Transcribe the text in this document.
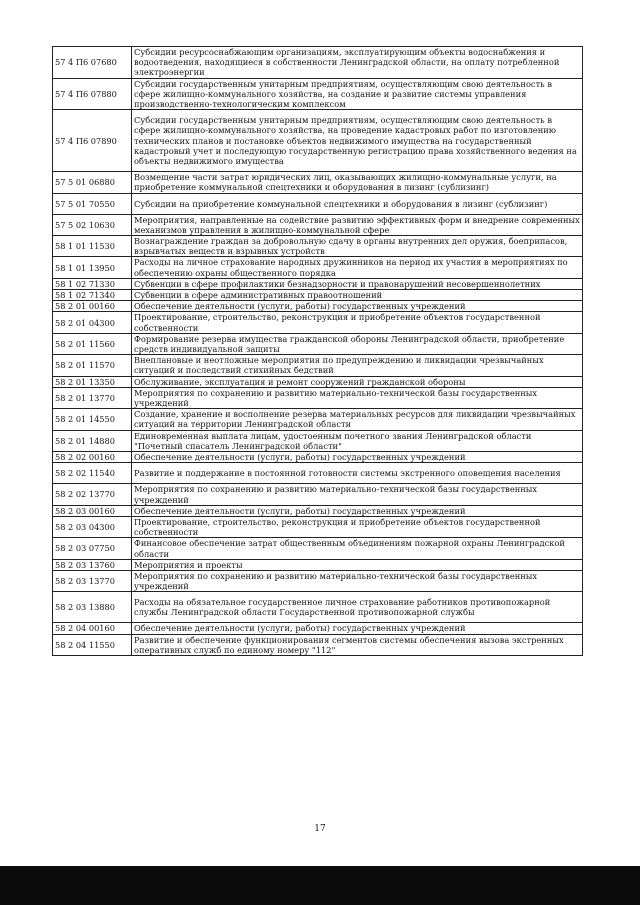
57 4 П6 07680	Субсидии ресурсоснабжающим организациям, эксплуатирующим объекты водоснабжения и водоотведения, находящиеся в собственности Ленинградской области, на оплату потребленной электроэнергии
57 4 П6 07880	Субсидии государственным унитарным предприятиям, осуществляющим свою деятельность в сфере жилищно-коммунального хозяйства, на создание и развитие системы управления производственно-технологическим комплексом
57 4 П6 07890	Субсидии государственным унитарным предприятиям, осуществляющим свою деятельность в сфере жилищно-коммунального хозяйства, на проведение кадастровых работ по изготовлению технических планов и постановке объектов недвижимого имущества на государственный кадастровый учет и последующую государственную регистрацию права хозяйственного ведения на объекты недвижимого имущества
57 5 01 06880	Возмещение части затрат юридических лиц, оказывающих жилищно-коммунальные услуги, на приобретение коммунальной спецтехники и оборудования в лизинг (сублизинг)
57 5 01 70550	Субсидии на приобретение коммунальной спецтехники и оборудования в лизинг (сублизинг)
57 5 02 10630	Мероприятия, направленные на содействие развитию эффективных форм и внедрение современных механизмов управления в жилищно-коммунальной сфере
58 1 01 11530	Вознаграждение граждан за добровольную сдачу в органы внутренних дел оружия, боеприпасов, взрывчатых веществ и взрывных устройств
58 1 01 13950	Расходы на личное страхование народных дружинников на период их участия в мероприятиях по обеспечению охраны общественного порядка
58 1 02 71330	Субвенции в сфере профилактики безнадзорности и правонарушений несовершеннолетних
58 1 02 71340	Субвенции в сфере административных правоотношений
58 2 01 00160	Обеспечение деятельности (услуги, работы) государственных учреждений
58 2 01 04300	Проектирование, строительство, реконструкция и приобретение объектов государственной собственности
58 2 01 11560	Формирование резерва имущества гражданской обороны Ленинградской области, приобретение средств индивидуальной защиты
58 2 01 11570	Внеплановые и неотложные мероприятия по предупреждению и ликвидации чрезвычайных ситуаций и последствий стихийных бедствий
58 2 01 13350	Обслуживание, эксплуатация и ремонт сооружений гражданской обороны
58 2 01 13770	Мероприятия по сохранению и развитию материально-технической базы государственных учреждений
58 2 01 14550	Создание, хранение и восполнение резерва материальных ресурсов для ликвидации чрезвычайных ситуаций на территории Ленинградской области
58 2 01 14880	Единовременная выплата лицам, удостоенным почетного звания Ленинградской области "Почетный спасатель Ленинградской области"
58 2 02 00160	Обеспечение деятельности (услуги, работы) государственных учреждений
58 2 02 11540	Развитие и поддержание в постоянной готовности системы экстренного оповещения населения
58 2 02 13770	Мероприятия по сохранению и развитию материально-технической базы государственных учреждений
58 2 03 00160	Обеспечение деятельности (услуги, работы) государственных учреждений
58 2 03 04300	Проектирование, строительство, реконструкция и приобретение объектов государственной собственности
58 2 03 07750	Финансовое обеспечение затрат общественным объединениям пожарной охраны Ленинградской области
58 2 03 13760	Мероприятия и проекты
58 2 03 13770	Мероприятия по сохранению и развитию материально-технической базы государственных учреждений
58 2 03 13880	Расходы на обязательное государственное личное страхование работников противопожарной службы Ленинградской области Государственной противопожарной службы
58 2 04 00160	Обеспечение деятельности (услуги, работы) государственных учреждений
58 2 04 11550	Развитие и обеспечение функционирования сегментов системы обеспечения вызова экстренных оперативных служб по единому номеру "112"
17
